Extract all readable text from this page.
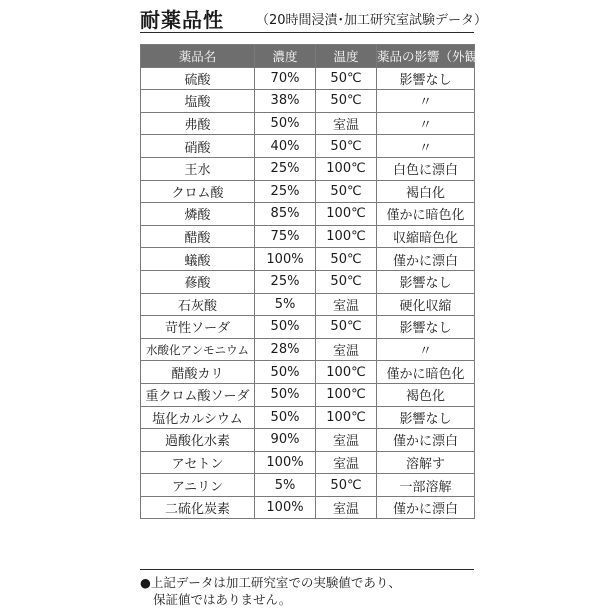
耐薬品性 （20時間浸漬･加工研究室試験データ）
薬品名	濃度	温度	薬品の影響（外観）
硫酸	70%	50℃	影響なし
塩酸	38%	50℃	〃
弗酸	50%	室温	〃
硝酸	40%	50℃	〃
王水	25%	100℃	白色に漂白
クロム酸	25%	50℃	褐白化
燐酸	85%	100℃	僅かに暗色化
醋酸	75%	100℃	収縮暗色化
蟻酸	100%	50℃	僅かに漂白
蓚酸	25%	50℃	影響なし
石灰酸	5%	室温	硬化収縮
苛性ソーダ	50%	50℃	影響なし
水酸化アンモニウム	28%	室温	〃
醋酸カリ	50%	100℃	僅かに暗色化
重クロム酸ソーダ	50%	100℃	褐色化
塩化カルシウム	50%	100℃	影響なし
過酸化水素	90%	室温	僅かに漂白
アセトン	100%	室温	溶解す
アニリン	5%	50℃	一部溶解
二硫化炭素	100%	室温	僅かに漂白
●上記データは加工研究室での実験値であり、
保証値ではありません。
